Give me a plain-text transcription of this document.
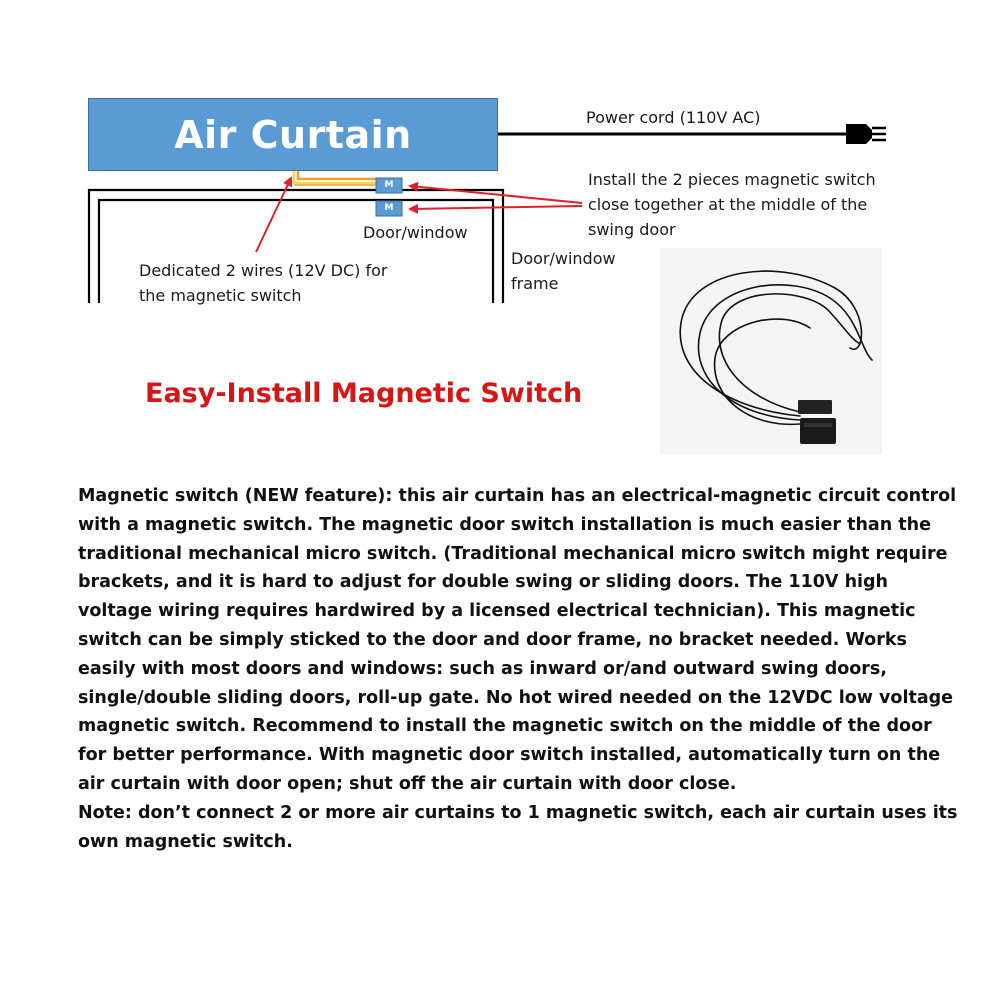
M
M
Air Curtain	Power cord (110V AC)
Install the 2 pieces magnetic switch
close together at the middle of the
swing door
Door/window
Door/window
frame
Dedicated 2 wires (12V DC) for
the magnetic switch
Easy-Install Magnetic Switch

Magnetic switch (NEW feature): this air curtain has an electrical-magnetic circuit control with a magnetic switch. The magnetic door switch installation is much easier than the traditional mechanical micro switch. (Traditional mechanical micro switch might require brackets, and it is hard to adjust for double swing or sliding doors. The 110V high voltage wiring requires hardwired by a licensed electrical technician). This magnetic switch can be simply sticked to the door and door frame, no bracket needed. Works easily with most doors and windows: such as inward or/and outward swing doors, single/double sliding doors, roll-up gate. No hot wired needed on the 12VDC low voltage magnetic switch. Recommend to install the magnetic switch on the middle of the door for better performance. With magnetic door switch installed, automatically turn on the air curtain with door open; shut off the air curtain with door close.

Note: don’t connect 2 or more air curtains to 1 magnetic switch, each air curtain uses its own magnetic switch.
